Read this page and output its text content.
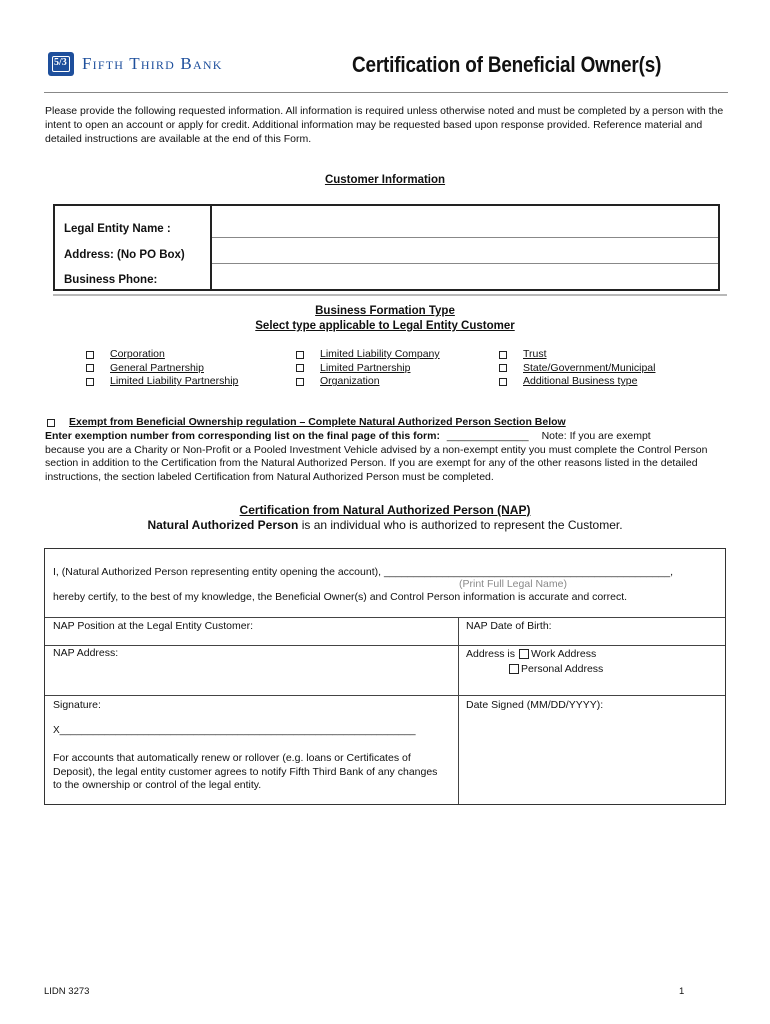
5/3 Fifth Third Bank	Certification of Beneficial Owner(s)
Please provide the following requested information. All information is required unless otherwise noted and must be completed by a person with the intent to open an account or apply for credit. Additional information may be requested based upon response provided. Reference material and detailed instructions are available at the end of this Form.
Customer Information
Legal Entity Name :
Address: (No PO Box)
Business Phone:
Business Formation Type
Select type applicable to Legal Entity Customer
Corporation
General Partnership
Limited Liability Partnership
Limited Liability Company
Limited Partnership
Organization
Trust
State/Government/Municipal
Additional Business type
Exempt from Beneficial Ownership regulation – Complete Natural Authorized Person Section Below
Enter exemption number from corresponding list on the final page of this form: ______________ Note: If you are exempt
because you are a Charity or Non-Profit or a Pooled Investment Vehicle advised by a non-exempt entity you must complete the Control Person section in addition to the Certification from the Natural Authorized Person. If you are exempt for any of the other reasons listed in the detailed instructions, the section labeled Certification from Natural Authorized Person must be completed.
Certification from Natural Authorized Person (NAP)
Natural Authorized Person is an individual who is authorized to represent the Customer.
I, (Natural Authorized Person representing entity opening the account), _________________________________________________,
(Print Full Legal Name)
hereby certify, to the best of my knowledge, the Beneficial Owner(s) and Control Person information is accurate and correct.
NAP Position at the Legal Entity Customer:	NAP Date of Birth:
NAP Address:	Address is Work Address
Personal Address
Signature:
X________________________________________________________________
Date Signed (MM/DD/YYYY):
For accounts that automatically renew or rollover (e.g. loans or Certificates of Deposit), the legal entity customer agrees to notify Fifth Third Bank of any changes to the ownership or control of the legal entity.
LIDN 3273	1
